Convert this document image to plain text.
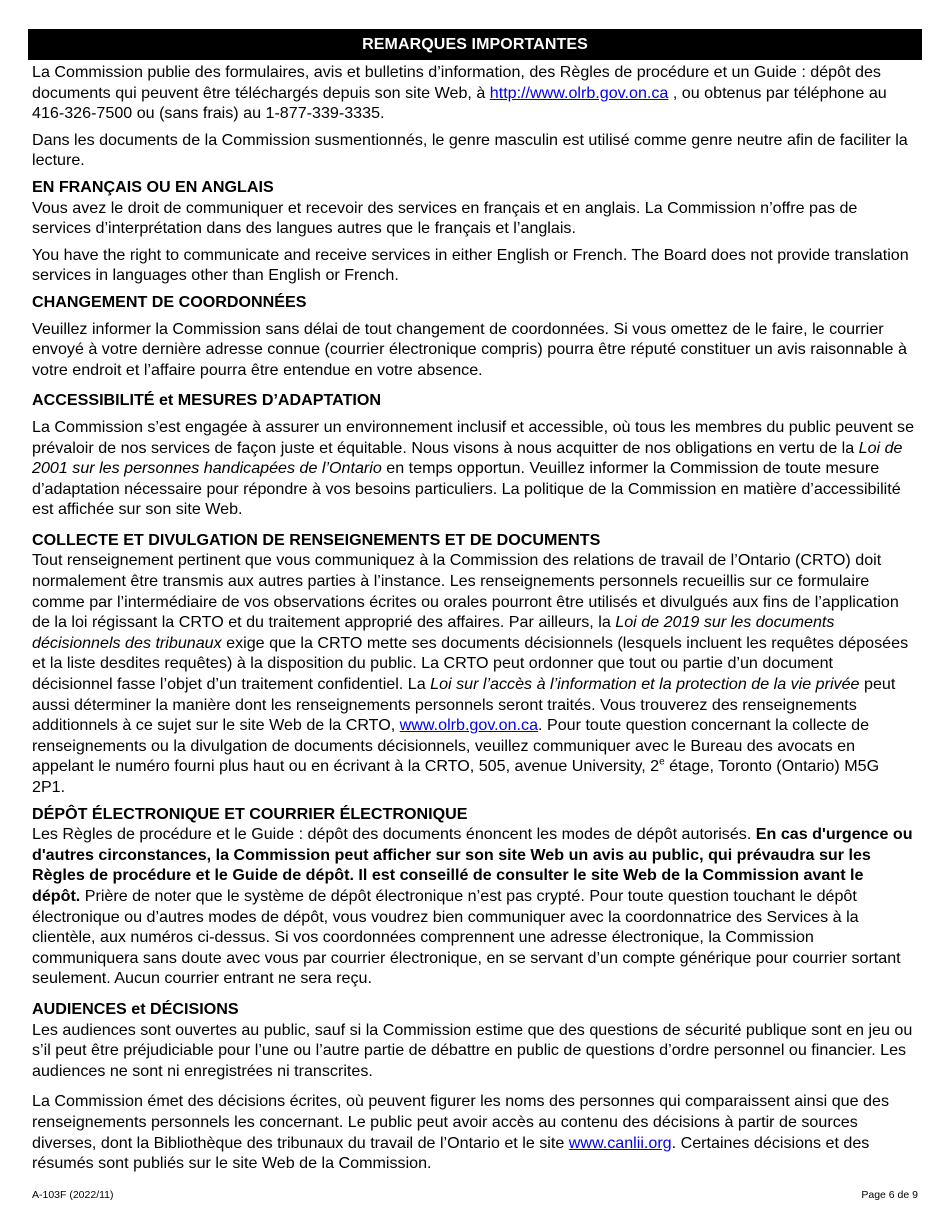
REMARQUES IMPORTANTES

La Commission publie des formulaires, avis et bulletins d’information, des Règles de procédure et un Guide : dépôt des documents qui peuvent être téléchargés depuis son site Web, à http://www.olrb.gov.on.ca , ou obtenus par téléphone au 416-326-7500 ou (sans frais) au 1-877-339-3335.

Dans les documents de la Commission susmentionnés, le genre masculin est utilisé comme genre neutre afin de faciliter la lecture.

EN FRANÇAIS OU EN ANGLAIS

Vous avez le droit de communiquer et recevoir des services en français et en anglais. La Commission n’offre pas de services d’interprétation dans des langues autres que le français et l’anglais.

You have the right to communicate and receive services in either English or French. The Board does not provide translation services in languages other than English or French.

CHANGEMENT DE COORDONNÉES

Veuillez informer la Commission sans délai de tout changement de coordonnées. Si vous omettez de le faire, le courrier envoyé à votre dernière adresse connue (courrier électronique compris) pourra être réputé constituer un avis raisonnable à votre endroit et l’affaire pourra être entendue en votre absence.

ACCESSIBILITÉ et MESURES D’ADAPTATION

La Commission s’est engagée à assurer un environnement inclusif et accessible, où tous les membres du public peuvent se prévaloir de nos services de façon juste et équitable. Nous visons à nous acquitter de nos obligations en vertu de la Loi de 2001 sur les personnes handicapées de l’Ontario en temps opportun. Veuillez informer la Commission de toute mesure d’adaptation nécessaire pour répondre à vos besoins particuliers. La politique de la Commission en matière d’accessibilité est affichée sur son site Web.

COLLECTE ET DIVULGATION DE RENSEIGNEMENTS ET DE DOCUMENTS

Tout renseignement pertinent que vous communiquez à la Commission des relations de travail de l’Ontario (CRTO) doit normalement être transmis aux autres parties à l’instance. Les renseignements personnels recueillis sur ce formulaire comme par l’intermédiaire de vos observations écrites ou orales pourront être utilisés et divulgués aux fins de l’application de la loi régissant la CRTO et du traitement approprié des affaires. Par ailleurs, la Loi de 2019 sur les documents décisionnels des tribunaux exige que la CRTO mette ses documents décisionnels (lesquels incluent les requêtes déposées et la liste desdites requêtes) à la disposition du public. La CRTO peut ordonner que tout ou partie d’un document décisionnel fasse l’objet d’un traitement confidentiel. La Loi sur l’accès à l’information et la protection de la vie privée peut aussi déterminer la manière dont les renseignements personnels seront traités. Vous trouverez des renseignements additionnels à ce sujet sur le site Web de la CRTO, www.olrb.gov.on.ca. Pour toute question concernant la collecte de renseignements ou la divulgation de documents décisionnels, veuillez communiquer avec le Bureau des avocats en appelant le numéro fourni plus haut ou en écrivant à la CRTO, 505, avenue University, 2e étage, Toronto (Ontario) M5G 2P1.

DÉPÔT ÉLECTRONIQUE ET COURRIER ÉLECTRONIQUE

Les Règles de procédure et le Guide : dépôt des documents énoncent les modes de dépôt autorisés. En cas d'urgence ou d'autres circonstances, la Commission peut afficher sur son site Web un avis au public, qui prévaudra sur les Règles de procédure et le Guide de dépôt. Il est conseillé de consulter le site Web de la Commission avant le dépôt. Prière de noter que le système de dépôt électronique n’est pas crypté. Pour toute question touchant le dépôt électronique ou d’autres modes de dépôt, vous voudrez bien communiquer avec la coordonnatrice des Services à la clientèle, aux numéros ci-dessus. Si vos coordonnées comprennent une adresse électronique, la Commission communiquera sans doute avec vous par courrier électronique, en se servant d’un compte générique pour courrier sortant seulement. Aucun courrier entrant ne sera reçu.

AUDIENCES et DÉCISIONS

Les audiences sont ouvertes au public, sauf si la Commission estime que des questions de sécurité publique sont en jeu ou s’il peut être préjudiciable pour l’une ou l’autre partie de débattre en public de questions d’ordre personnel ou financier. Les audiences ne sont ni enregistrées ni transcrites.

La Commission émet des décisions écrites, où peuvent figurer les noms des personnes qui comparaissent ainsi que des renseignements personnels les concernant. Le public peut avoir accès au contenu des décisions à partir de sources diverses, dont la Bibliothèque des tribunaux du travail de l’Ontario et le site www.canlii.org. Certaines décisions et des résumés sont publiés sur le site Web de la Commission.

A-103F (2022/11)	Page 6 de 9
